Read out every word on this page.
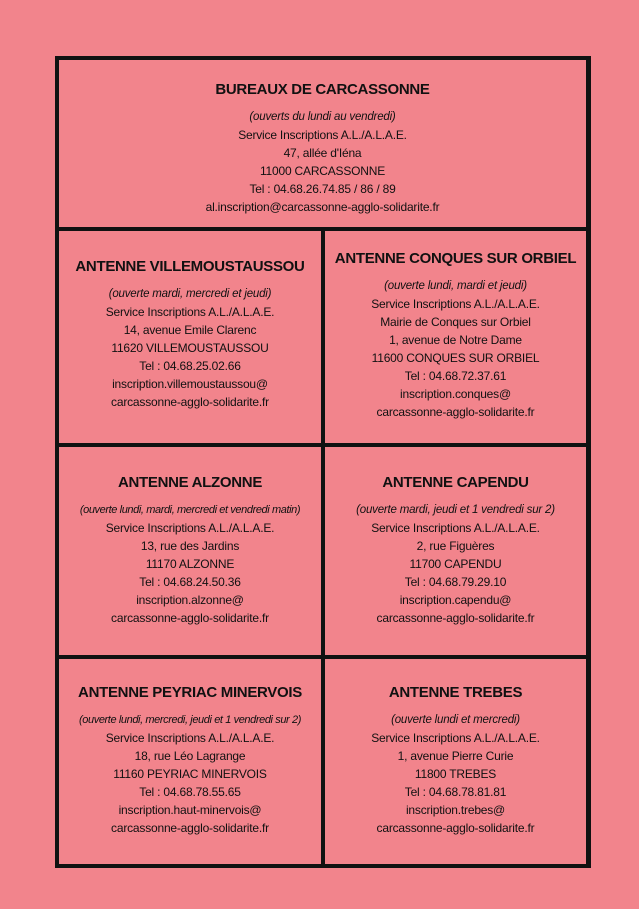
BUREAUX DE CARCASSONNE
(ouverts du lundi au vendredi)
Service Inscriptions A.L./A.L.A.E.
47, allée d'Iéna
11000 CARCASSONNE
Tel : 04.68.26.74.85 / 86 / 89
al.inscription@carcassonne-agglo-solidarite.fr
ANTENNE VILLEMOUSTAUSSOU
(ouverte mardi, mercredi et jeudi)
Service Inscriptions A.L./A.L.A.E.
14, avenue Emile Clarenc
11620 VILLEMOUSTAUSSOU
Tel : 04.68.25.02.66
inscription.villemoustaussou@
carcassonne-agglo-solidarite.fr
ANTENNE CONQUES SUR ORBIEL
(ouverte lundi, mardi et jeudi)
Service Inscriptions A.L./A.L.A.E.
Mairie de Conques sur Orbiel
1, avenue de Notre Dame
11600 CONQUES SUR ORBIEL
Tel : 04.68.72.37.61
inscription.conques@
carcassonne-agglo-solidarite.fr
ANTENNE ALZONNE
(ouverte lundi, mardi, mercredi et vendredi matin)
Service Inscriptions A.L./A.L.A.E.
13, rue des Jardins
11170 ALZONNE
Tel : 04.68.24.50.36
inscription.alzonne@
carcassonne-agglo-solidarite.fr
ANTENNE CAPENDU
(ouverte mardi, jeudi et 1 vendredi sur 2)
Service Inscriptions A.L./A.L.A.E.
2, rue Figuères
11700 CAPENDU
Tel : 04.68.79.29.10
inscription.capendu@
carcassonne-agglo-solidarite.fr
ANTENNE PEYRIAC MINERVOIS
(ouverte lundi, mercredi, jeudi et 1 vendredi sur 2)
Service Inscriptions A.L./A.L.A.E.
18, rue Léo Lagrange
11160 PEYRIAC MINERVOIS
Tel : 04.68.78.55.65
inscription.haut-minervois@
carcassonne-agglo-solidarite.fr
ANTENNE TREBES
(ouverte lundi et mercredi)
Service Inscriptions A.L./A.L.A.E.
1, avenue Pierre Curie
11800 TREBES
Tel : 04.68.78.81.81
inscription.trebes@
carcassonne-agglo-solidarite.fr
